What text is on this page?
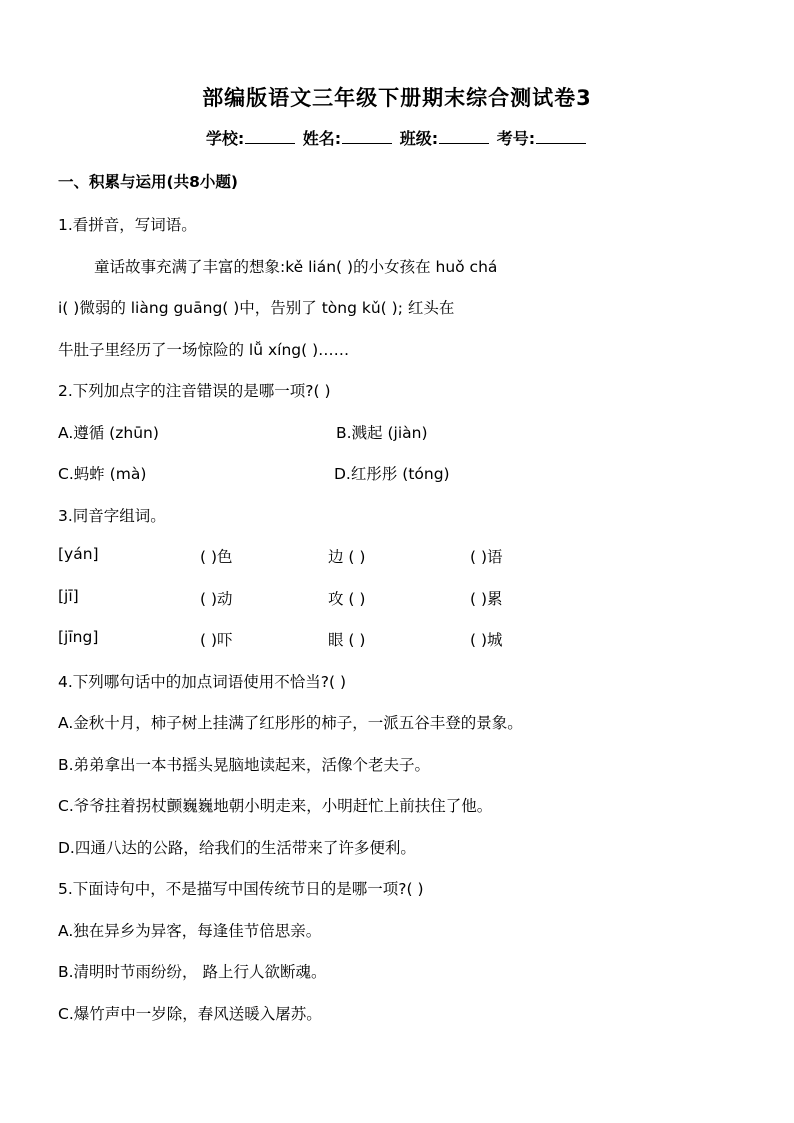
部编版语文三年级下册期末综合测试卷3
学校:	姓名:	班级:	考号:
一、积累与运用(共8小题)
1.看拼音，写词语。
童话故事充满了丰富的想象:kě lián( )的小女孩在 huǒ chá
i( )微弱的 liàng guāng( )中，告别了 tòng kǔ( ); 红头在
牛肚子里经历了一场惊险的 lǚ xíng( )……
2.下列加点字的注音错误的是哪一项?( )
A.遵循 (zhūn)	B.溅起 (jiàn)
C.蚂蚱 (mà)	D.红彤彤 (tóng)
3.同音字组词。
[yán]	( )色	边 ( )	( )语
[jī]	( )动	攻 ( )	( )累
[jīng]	( )吓	眼 ( )	( )城
4.下列哪句话中的加点词语使用不恰当?( )
A.金秋十月，柿子树上挂满了红彤彤的柿子，一派五谷丰登的景象。
B.弟弟拿出一本书摇头晃脑地读起来，活像个老夫子。
C.爷爷拄着拐杖颤巍巍地朝小明走来，小明赶忙上前扶住了他。
D.四通八达的公路，给我们的生活带来了许多便利。
5.下面诗句中，不是描写中国传统节日的是哪一项?( )
A.独在异乡为异客，每逢佳节倍思亲。
B.清明时节雨纷纷， 路上行人欲断魂。
C.爆竹声中一岁除，春风送暖入屠苏。
